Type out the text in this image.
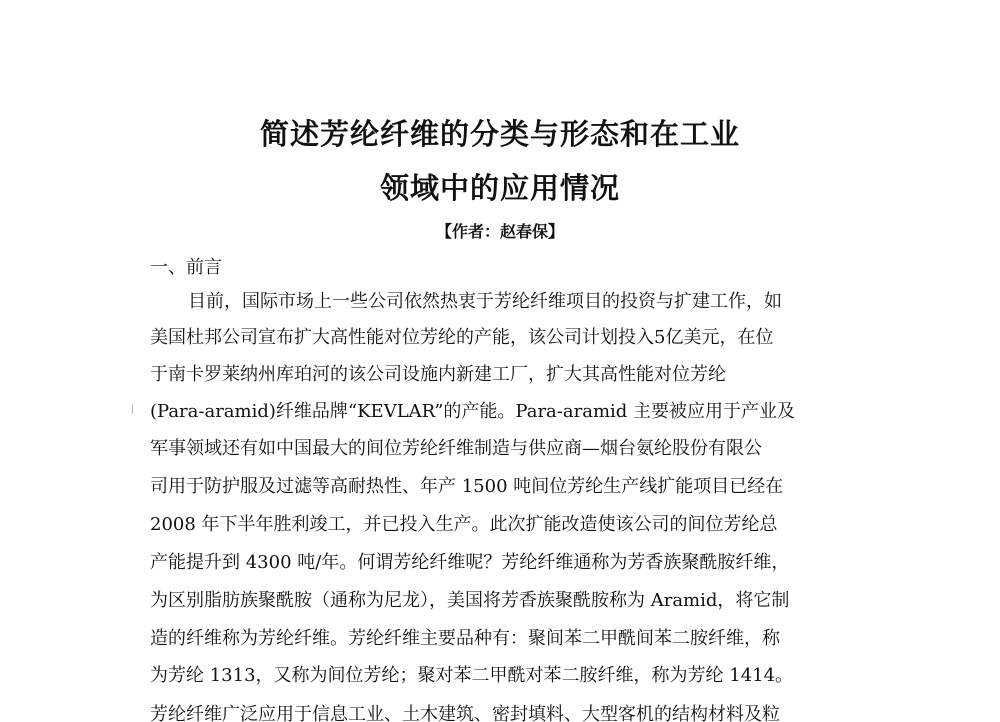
简述芳纶纤维的分类与形态和在工业
领域中的应用情况
【作者：赵春保】
一、前言
目前，国际市场上一些公司依然热衷于芳纶纤维项目的投资与扩建工作，如
美国杜邦公司宣布扩大高性能对位芳纶的产能，该公司计划投入5亿美元，在位
于南卡罗莱纳州库珀河的该公司设施内新建工厂，扩大其高性能对位芳纶
(Para-aramid)纤维品牌“KEVLAR”的产能。Para-aramid 主要被应用于产业及
军事领域还有如中国最大的间位芳纶纤维制造与供应商—烟台氨纶股份有限公
司用于防护服及过滤等高耐热性、年产 1500 吨间位芳纶生产线扩能项目已经在
2008 年下半年胜利竣工，并已投入生产。此次扩能改造使该公司的间位芳纶总
产能提升到 4300 吨/年。何谓芳纶纤维呢？芳纶纤维通称为芳香族聚酰胺纤维，
为区别脂肪族聚酰胺（通称为尼龙），美国将芳香族聚酰胺称为 Aramid，将它制
造的纤维称为芳纶纤维。芳纶纤维主要品种有：聚间苯二甲酰间苯二胺纤维，称
为芳纶 1313，又称为间位芳纶；聚对苯二甲酰对苯二胺纤维，称为芳纶 1414。
芳纶纤维广泛应用于信息工业、土木建筑、密封填料、大型客机的结构材料及粒
